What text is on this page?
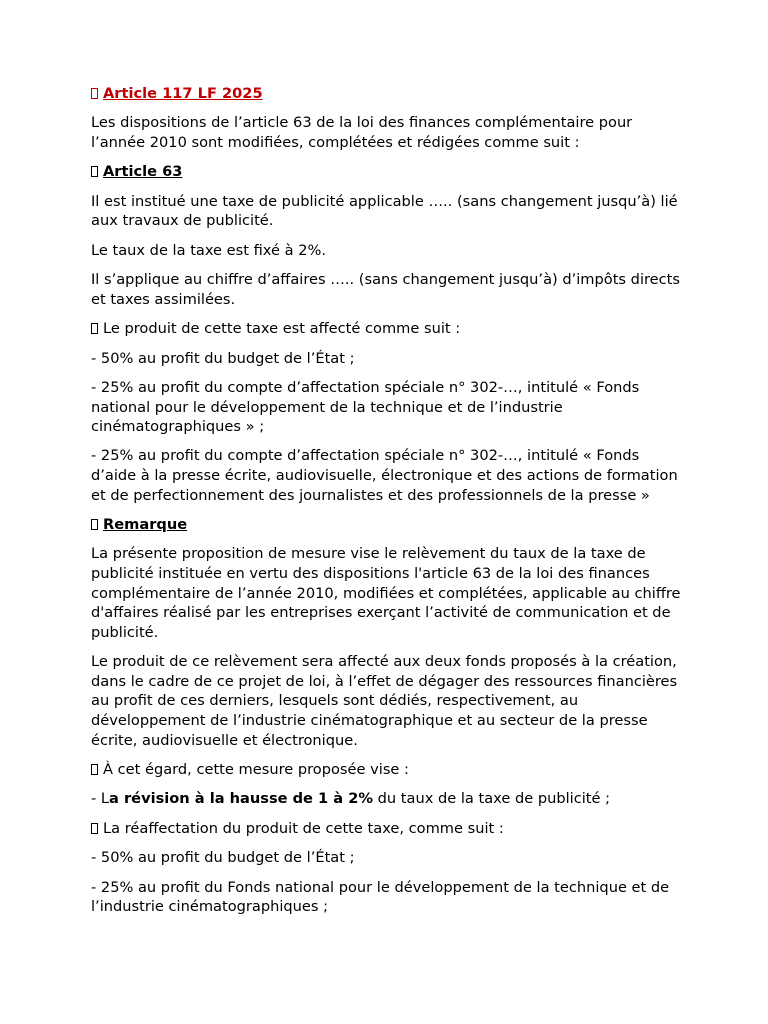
Article 117 LF 2025

Les dispositions de l’article 63 de la loi des finances complémentaire pour l’année 2010 sont modifiées, complétées et rédigées comme suit :

Article 63

Il est institué une taxe de publicité applicable ….. (sans changement jusqu’à) lié aux travaux de publicité.

Le taux de la taxe est fixé à 2%.

Il s’applique au chiffre d’affaires ….. (sans changement jusqu’à) d’impôts directs et taxes assimilées.

Le produit de cette taxe est affecté comme suit :

- 50% au profit du budget de l’État ;

- 25% au profit du compte d’affectation spéciale n° 302-…, intitulé « Fonds national pour le développement de la technique et de l’industrie cinématographiques » ;

- 25% au profit du compte d’affectation spéciale n° 302-…, intitulé « Fonds d’aide à la presse écrite, audiovisuelle, électronique et des actions de formation et de perfectionnement des journalistes et des professionnels de la presse »

Remarque

La présente proposition de mesure vise le relèvement du taux de la taxe de publicité instituée en vertu des dispositions l'article 63 de la loi des finances complémentaire de l’année 2010, modifiées et complétées, applicable au chiffre d'affaires réalisé par les entreprises exerçant l’activité de communication et de publicité.

Le produit de ce relèvement sera affecté aux deux fonds proposés à la création, dans le cadre de ce projet de loi, à l’effet de dégager des ressources financières au profit de ces derniers, lesquels sont dédiés, respectivement, au développement de l’industrie cinématographique et au secteur de la presse écrite, audiovisuelle et électronique.

À cet égard, cette mesure proposée vise :

- La révision à la hausse de 1 à 2% du taux de la taxe de publicité ;

La réaffectation du produit de cette taxe, comme suit :

- 50% au profit du budget de l’État ;

- 25% au profit du Fonds national pour le développement de la technique et de l’industrie cinématographiques ;
